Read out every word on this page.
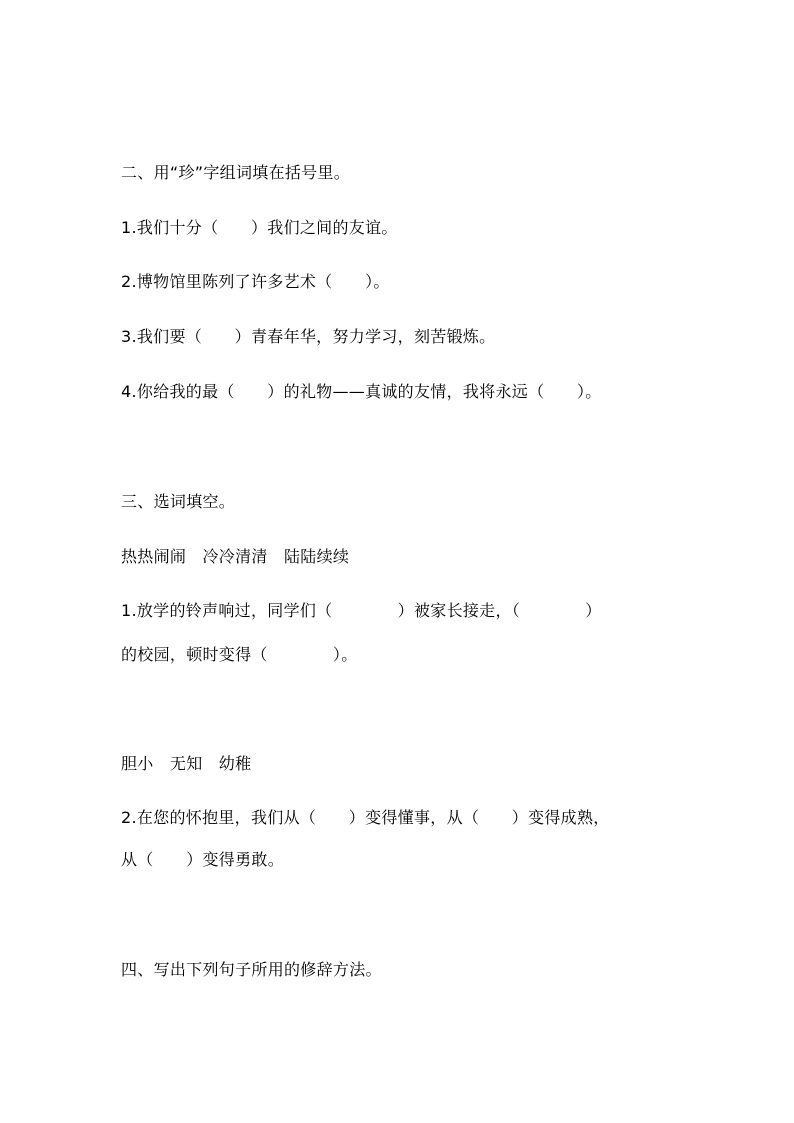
二、用“珍”字组词填在括号里。
1.我们十分（　　）我们之间的友谊。
2.博物馆里陈列了许多艺术（　　）。
3.我们要（　　）青春年华，努力学习，刻苦锻炼。
4.你给我的最（　　）的礼物——真诚的友情，我将永远（　　）。
三、选词填空。
热热闹闹　冷冷清清　陆陆续续
1.放学的铃声响过，同学们（　　　　）被家长接走，（　　　　）
的校园，顿时变得（　　　　）。
胆小　无知　幼稚
2.在您的怀抱里，我们从（　　）变得懂事，从（　　）变得成熟，
从（　　）变得勇敢。
四、写出下列句子所用的修辞方法。
